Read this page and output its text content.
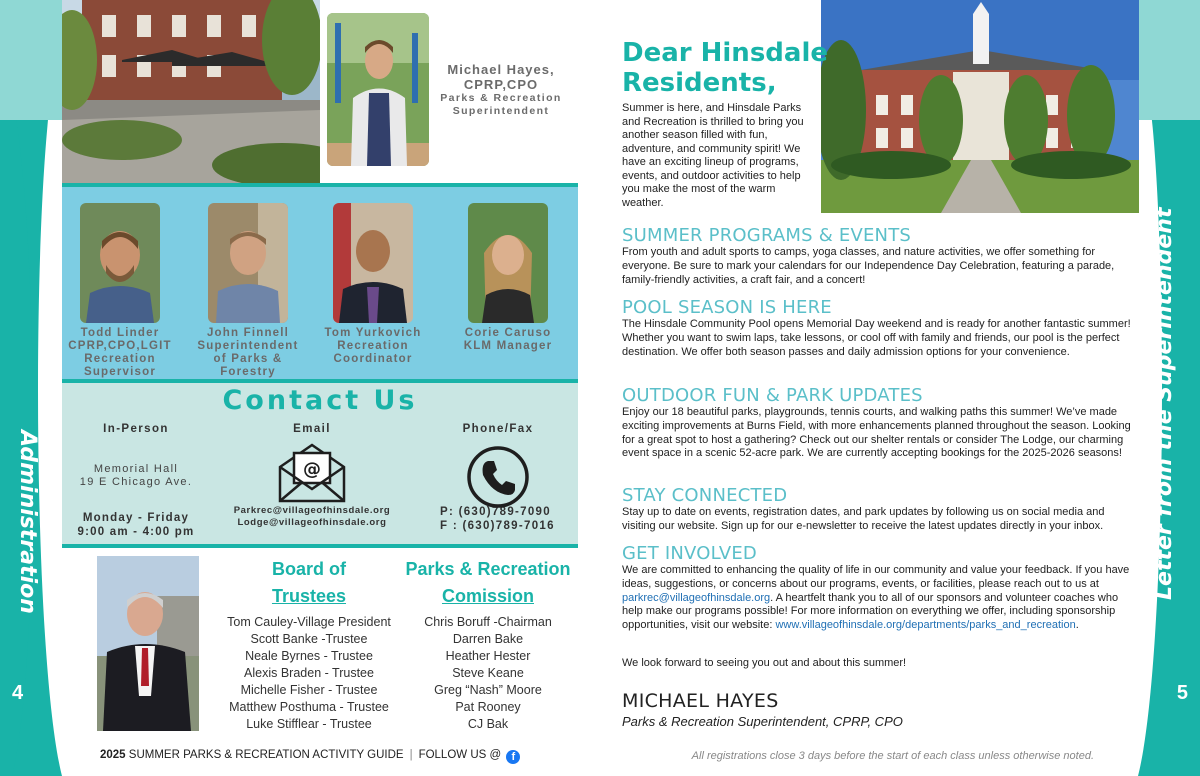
Administration
4
Letter from the Superintendent
5
Michael Hayes,
CPRP,CPO
Parks & Recreation
Superintendent
Todd Linder
CPRP,CPO,LGIT
Recreation
Supervisor
John Finnell
Superintendent
of Parks &
Forestry
Tom Yurkovich
Recreation
Coordinator
Corie Caruso
KLM Manager
Contact Us
In-Person
Memorial Hall
19 E Chicago Ave.
Monday - Friday
9:00 am - 4:00 pm
Email
@
Parkrec@villageofhinsdale.org
Lodge@villageofhinsdale.org
Phone/Fax
P: (630)789-7090
F : (630)789-7016
Board of
Trustees
Tom Cauley-Village President
Scott Banke -Trustee
Neale Byrnes - Trustee
Alexis Braden - Trustee
Michelle Fisher - Trustee
Matthew Posthuma - Trustee
Luke Stifflear - Trustee
Parks & Recreation
Comission
Chris Boruff -Chairman
Darren Bake
Heather Hester
Steve Keane
Greg “Nash” Moore
Pat Rooney
CJ Bak
2025 SUMMER PARKS & RECREATION ACTIVITY GUIDE | FOLLOW US @ f	All registrations close 3 days before the start of each class unless otherwise noted.
Dear Hinsdale
Residents,

Summer is here, and Hinsdale Parks and Recreation is thrilled to bring you another season filled with fun, adventure, and community spirit! We have an exciting lineup of programs, events, and outdoor activities to help you make the most of the warm weather.

SUMMER PROGRAMS & EVENTS

From youth and adult sports to camps, yoga classes, and nature activities, we offer something for everyone. Be sure to mark your calendars for our Independence Day Celebration, featuring a parade, family-friendly activities, a craft fair, and a concert!

POOL SEASON IS HERE

The Hinsdale Community Pool opens Memorial Day weekend and is ready for another fantastic summer! Whether you want to swim laps, take lessons, or cool off with family and friends, our pool is the perfect destination. We offer both season passes and daily admission options for your convenience.

OUTDOOR FUN & PARK UPDATES

Enjoy our 18 beautiful parks, playgrounds, tennis courts, and walking paths this summer! We’ve made exciting improvements at Burns Field, with more enhancements planned throughout the season. Looking for a great spot to host a gathering? Check out our shelter rentals or consider The Lodge, our charming event space in a scenic 52-acre park. We are currently accepting bookings for the 2025-2026 seasons!

STAY CONNECTED

Stay up to date on events, registration dates, and park updates by following us on social media and visiting our website. Sign up for our e-newsletter to receive the latest updates directly in your inbox.

GET INVOLVED

We are committed to enhancing the quality of life in our community and value your feedback. If you have ideas, suggestions, or concerns about our programs, events, or facilities, please reach out to us at parkrec@villageofhinsdale.org. A heartfelt thank you to all of our sponsors and volunteer coaches who help make our programs possible! For more information on everything we offer, including sponsorship opportunities, visit our website: www.villageofhinsdale.org/departments/parks_and_recreation.

We look forward to seeing you out and about this summer!
MICHAEL HAYES
Parks & Recreation Superintendent, CPRP, CPO
